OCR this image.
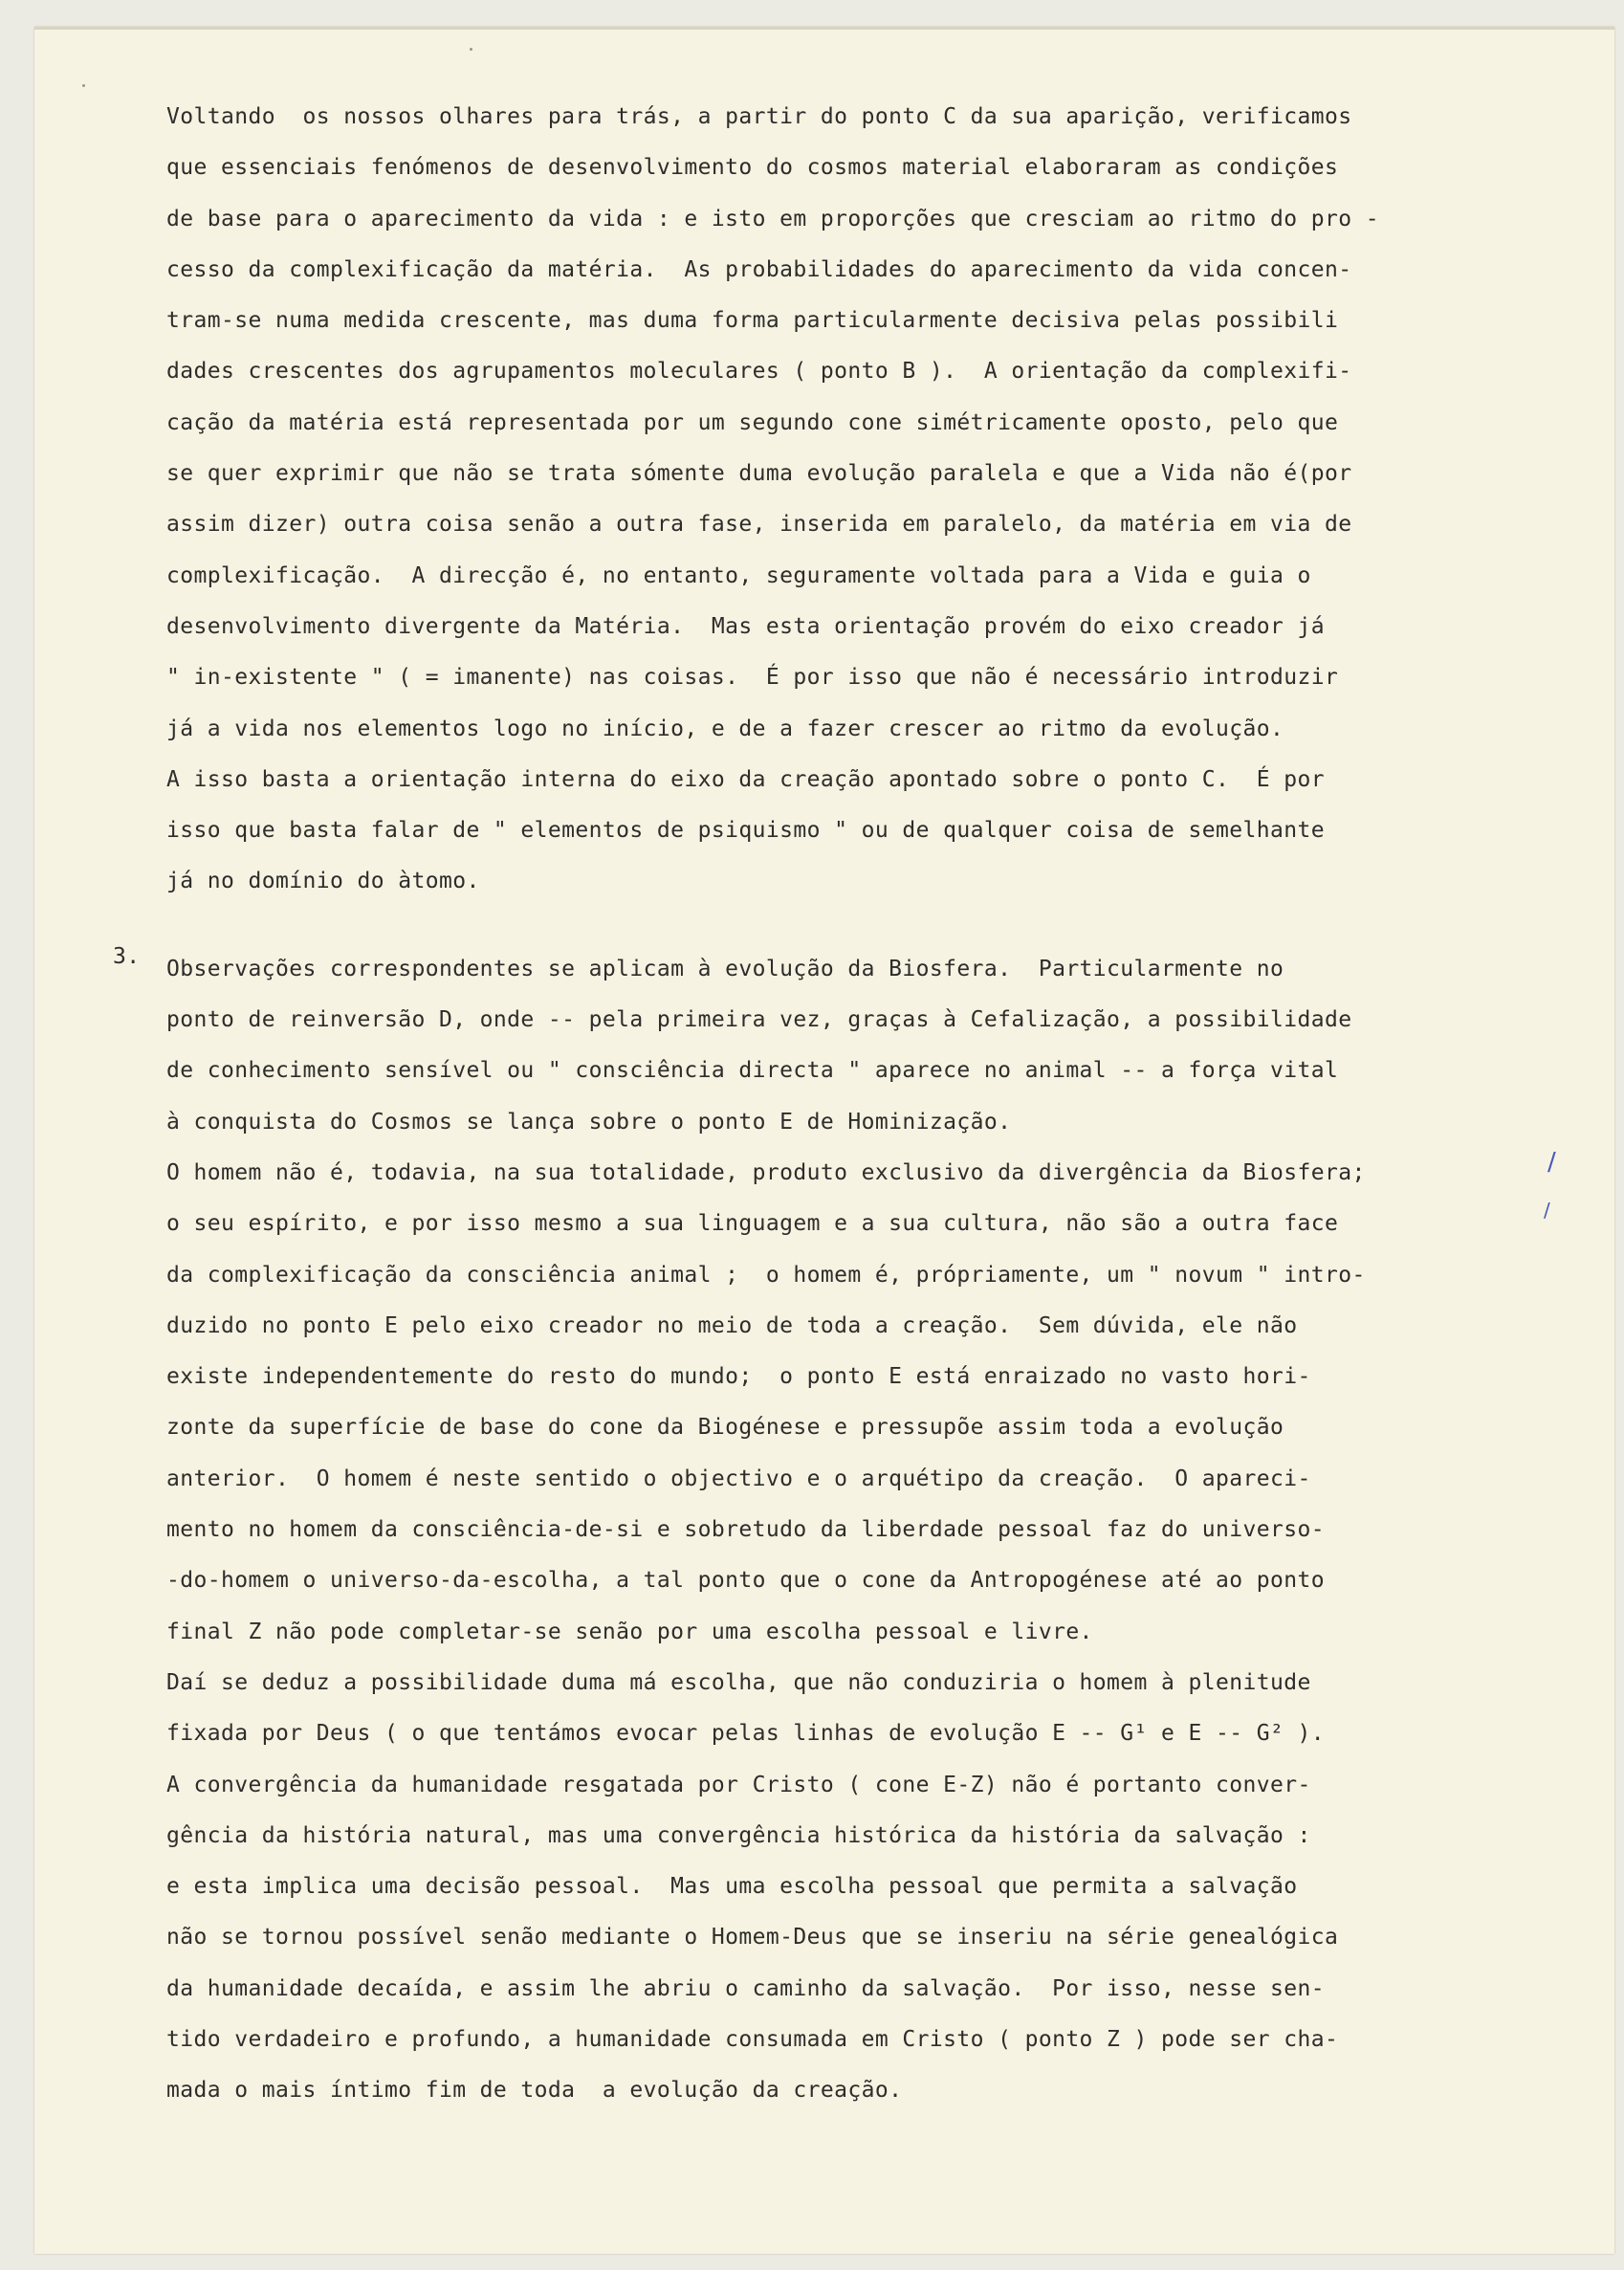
Voltando  os nossos olhares para trás, a partir do ponto C da sua aparição, verificamos
que essenciais fenómenos de desenvolvimento do cosmos material elaboraram as condições
de base para o aparecimento da vida : e isto em proporções que cresciam ao ritmo do pro -
cesso da complexificação da matéria.  As probabilidades do aparecimento da vida concen-
tram-se numa medida crescente, mas duma forma particularmente decisiva pelas possibili
dades crescentes dos agrupamentos moleculares ( ponto B ).  A orientação da complexifi-
cação da matéria está representada por um segundo cone simétricamente oposto, pelo que
se quer exprimir que não se trata sómente duma evolução paralela e que a Vida não é(por
assim dizer) outra coisa senão a outra fase, inserida em paralelo, da matéria em via de
complexificação.  A direcção é, no entanto, seguramente voltada para a Vida e guia o
desenvolvimento divergente da Matéria.  Mas esta orientação provém do eixo creador já
" in-existente " ( = imanente) nas coisas.  É por isso que não é necessário introduzir
já a vida nos elementos logo no início, e de a fazer crescer ao ritmo da evolução.
A isso basta a orientação interna do eixo da creação apontado sobre o ponto C.  É por
isso que basta falar de " elementos de psiquismo " ou de qualquer coisa de semelhante
já no domínio do àtomo.
3. Observações correspondentes se aplicam à evolução da Biosfera.  Particularmente no
ponto de reinversão D, onde -- pela primeira vez, graças à Cefalização, a possibilidade
de conhecimento sensível ou " consciência directa " aparece no animal -- a força vital
à conquista do Cosmos se lança sobre o ponto E de Hominização.
O homem não é, todavia, na sua totalidade, produto exclusivo da divergência da Biosfera;
o seu espírito, e por isso mesmo a sua linguagem e a sua cultura, não são a outra face
da complexificação da consciência animal ;  o homem é, própriamente, um " novum " intro-
duzido no ponto E pelo eixo creador no meio de toda a creação.  Sem dúvida, ele não
existe independentemente do resto do mundo;  o ponto E está enraizado no vasto hori-
zonte da superfície de base do cone da Biogénese e pressupõe assim toda a evolução
anterior.  O homem é neste sentido o objectivo e o arquétipo da creação.  O apareci-
mento no homem da consciência-de-si e sobretudo da liberdade pessoal faz do universo-
-do-homem o universo-da-escolha, a tal ponto que o cone da Antropogénese até ao ponto
final Z não pode completar-se senão por uma escolha pessoal e livre.
Daí se deduz a possibilidade duma má escolha, que não conduziria o homem à plenitude
fixada por Deus ( o que tentámos evocar pelas linhas de evolução E -- G¹ e E -- G² ).
A convergência da humanidade resgatada por Cristo ( cone E-Z) não é portanto conver-
gência da história natural, mas uma convergência histórica da história da salvação :
e esta implica uma decisão pessoal.  Mas uma escolha pessoal que permita a salvação
não se tornou possível senão mediante o Homem-Deus que se inseriu na série genealógica
da humanidade decaída, e assim lhe abriu o caminho da salvação.  Por isso, nesse sen-
tido verdadeiro e profundo, a humanidade consumada em Cristo ( ponto Z ) pode ser cha-
mada o mais íntimo fim de toda  a evolução da creação.
/
/
